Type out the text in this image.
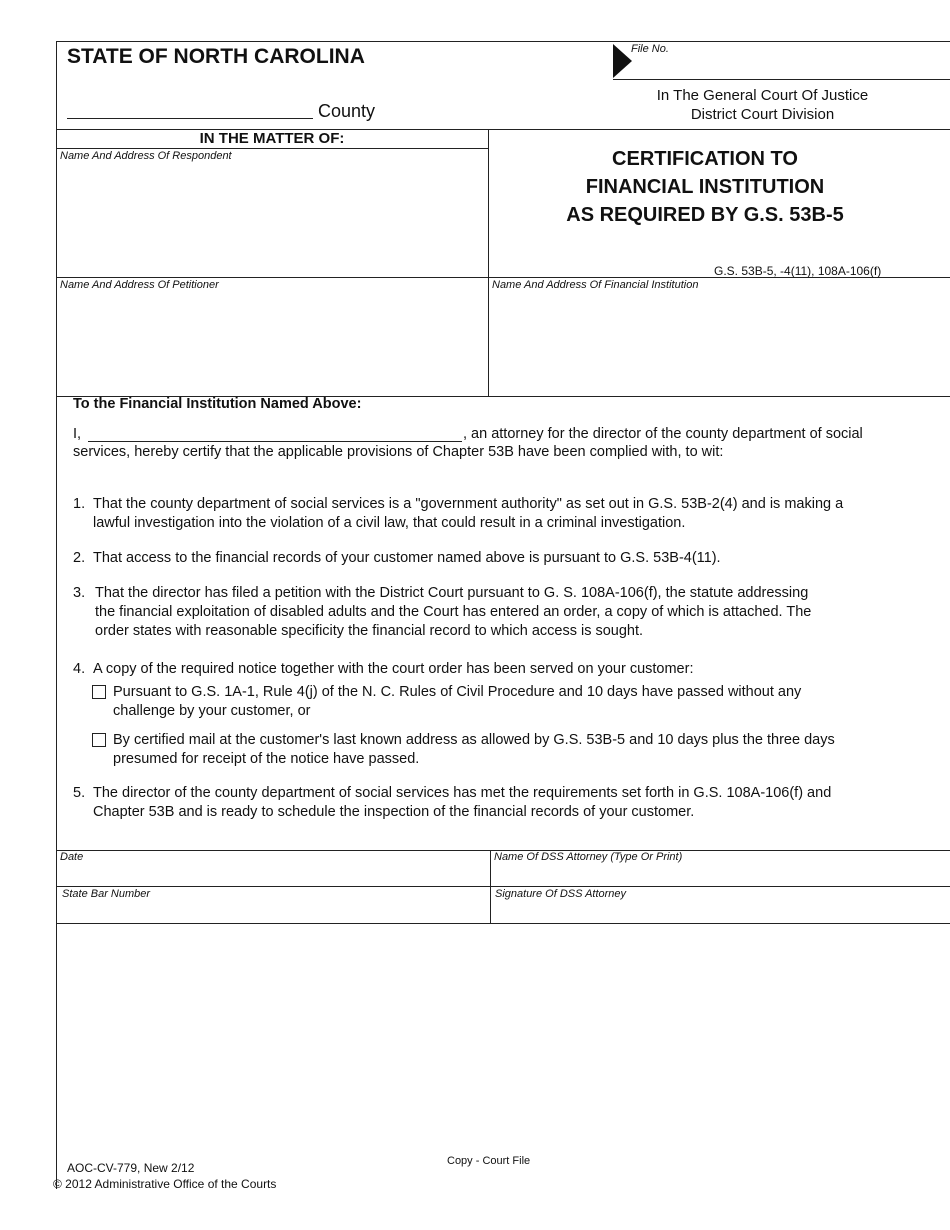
STATE OF NORTH CAROLINA
County
File No.
In The General Court Of Justice
District Court Division
IN THE MATTER OF:
Name And Address Of Respondent
Name And Address Of Petitioner	Name And Address Of Financial Institution
CERTIFICATION TO
FINANCIAL INSTITUTION
AS REQUIRED BY G.S. 53B-5
G.S. 53B-5, -4(11), 108A-106(f)
To the Financial Institution Named Above:
I,	, an attorney for the director of the county department of social
services, hereby certify that the applicable provisions of Chapter 53B have been complied with, to wit:
1. That the county department of social services is a "government authority" as set out in G.S. 53B-2(4) and is making a
lawful investigation into the violation of a civil law, that could result in a criminal investigation.
2. That access to the financial records of your customer named above is pursuant to G.S. 53B-4(11).
3. That the director has filed a petition with the District Court pursuant to G. S. 108A-106(f), the statute addressing
the financial exploitation of disabled adults and the Court has entered an order, a copy of which is attached. The
order states with reasonable specificity the financial record to which access is sought.
4. A copy of the required notice together with the court order has been served on your customer:
Pursuant to G.S. 1A-1, Rule 4(j) of the N. C. Rules of Civil Procedure and 10 days have passed without any
challenge by your customer, or
By certified mail at the customer's last known address as allowed by G.S. 53B-5 and 10 days plus the three days
presumed for receipt of the notice have passed.
5. The director of the county department of social services has met the requirements set forth in G.S. 108A-106(f) and
Chapter 53B and is ready to schedule the inspection of the financial records of your customer.
Date	Name Of DSS Attorney (Type Or Print)
State Bar Number	Signature Of DSS Attorney
AOC-CV-779, New 2/12
© 2012 Administrative Office of the Courts
Copy - Court File
